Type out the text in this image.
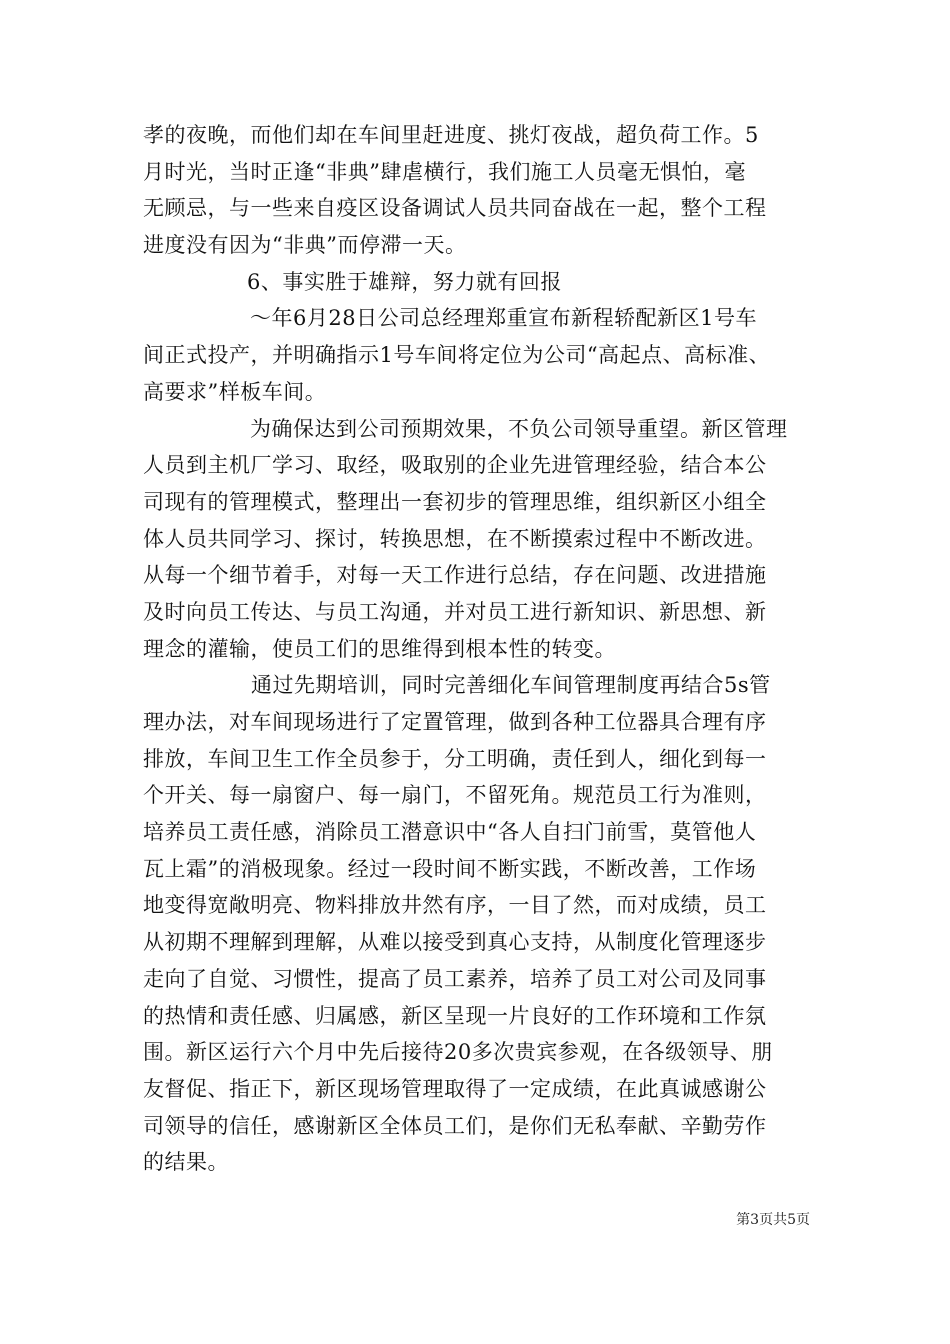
孝的夜晚，而他们却在车间里赶进度、挑灯夜战，超负荷工作。5
月时光，当时正逢“非典”肆虐横行，我们施工人员毫无惧怕，毫
无顾忌，与一些来自疫区设备调试人员共同奋战在一起，整个工程
进度没有因为“非典”而停滞一天。
6、事实胜于雄辩，努力就有回报
～年6月28日公司总经理郑重宣布新程轿配新区1号车
间正式投产，并明确指示1号车间将定位为公司“高起点、高标准、
高要求”样板车间。
为确保达到公司预期效果，不负公司领导重望。新区管理
人员到主机厂学习、取经，吸取别的企业先进管理经验，结合本公
司现有的管理模式，整理出一套初步的管理思维，组织新区小组全
体人员共同学习、探讨，转换思想，在不断摸索过程中不断改进。
从每一个细节着手，对每一天工作进行总结，存在问题、改进措施
及时向员工传达、与员工沟通，并对员工进行新知识、新思想、新
理念的灌输，使员工们的思维得到根本性的转变。
通过先期培训，同时完善细化车间管理制度再结合5s管
理办法，对车间现场进行了定置管理，做到各种工位器具合理有序
排放，车间卫生工作全员参于，分工明确，责任到人，细化到每一
个开关、每一扇窗户、每一扇门，不留死角。规范员工行为准则，
培养员工责任感，消除员工潜意识中“各人自扫门前雪，莫管他人
瓦上霜”的消极现象。经过一段时间不断实践，不断改善，工作场
地变得宽敞明亮、物料排放井然有序，一目了然，而对成绩，员工
从初期不理解到理解，从难以接受到真心支持，从制度化管理逐步
走向了自觉、习惯性，提高了员工素养，培养了员工对公司及同事
的热情和责任感、归属感，新区呈现一片良好的工作环境和工作氛
围。新区运行六个月中先后接待20多次贵宾参观，在各级领导、朋
友督促、指正下，新区现场管理取得了一定成绩，在此真诚感谢公
司领导的信任，感谢新区全体员工们，是你们无私奉献、辛勤劳作
的结果。
第3页共5页
